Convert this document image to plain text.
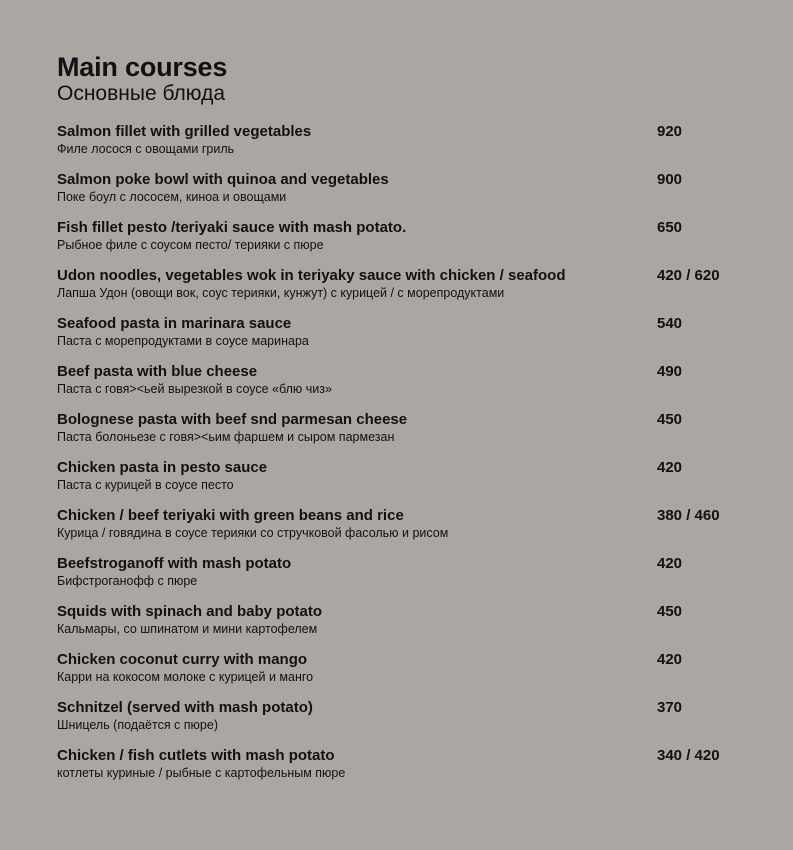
Main courses
Основные блюда
Salmon fillet with grilled vegetables
Филе лосося с овощами гриль
920
Salmon poke bowl with quinoa and vegetables
Поке боул с лососем, киноа и овощами
900
Fish fillet pesto /teriyaki sauce with mash potato.
Рыбное филе с соусом песто/ терияки с пюре
650
Udon noodles, vegetables wok in teriyaky sauce with chicken / seafood
Лапша Удон (овощи вок, соус терияки, кунжут) с курицей / с морепродуктами
420 / 620
Seafood pasta in marinara sauce
Паста с морепродуктами в соусе маринара
540
Beef pasta with blue cheese
Паста с говя><ьей вырезкой в соусе «блю чиз»
490
Bolognese pasta with beef snd parmesan cheese
Паста болоньезе с говя><ьим фаршем и сыром пармезан
450
Chicken pasta in pesto sauce
Паста с курицей в соусе песто
420
Chicken / beef teriyaki with green beans and rice
Курица / говядина в соусе терияки со стручковой фасолью и рисом
380 / 460
Beefstroganoff with mash potato
Бифстроганофф с пюре
420
Squids with spinach and baby potato
Кальмары, со шпинатом и мини картофелем
450
Chicken coconut curry with mango
Карри на кокосом молоке с курицей и манго
420
Schnitzel (served with mash potato)
Шницель (подаётся с пюре)
370
Chicken / fish cutlets with mash potato
котлеты куриные / рыбные с картофельным пюре
340 / 420
